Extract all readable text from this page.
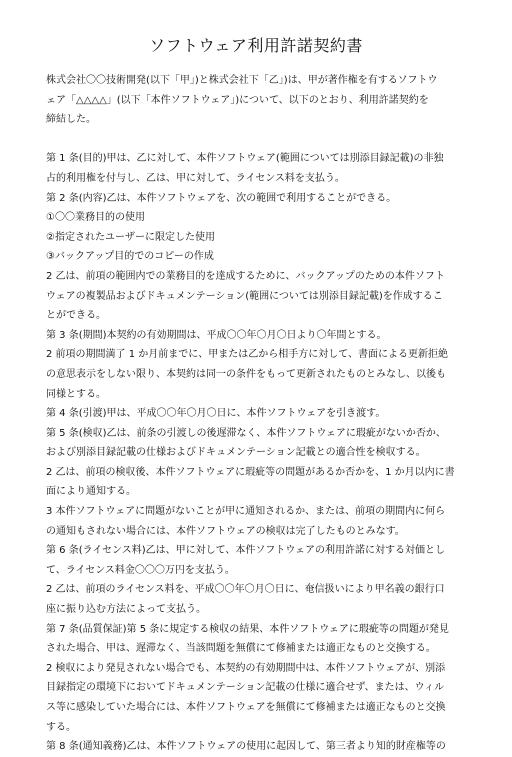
ソフトウェア利用許諾契約書
株式会社〇〇技術開発(以下「甲」)と株式会社下「乙」)は、甲が著作権を有するソフトウ
ェア「△△△△」(以下「本件ソフトウェア」)について、以下のとおり、利用許諾契約を
締結した。
第 1 条(目的)甲は、乙に対して、本件ソフトウェア(範囲については別添目録記載)の非独
占的利用権を付与し、乙は、甲に対して、ライセンス料を支払う。
第 2 条(内容)乙は、本件ソフトウェアを、次の範囲で利用することができる。
①〇〇業務目的の使用
②指定されたユーザーに限定した使用
③バックアップ目的でのコピーの作成
2 乙は、前項の範囲内での業務目的を達成するために、バックアップのための本件ソフト
ウェアの複製品およびドキュメンテーション(範囲については別添目録記載)を作成するこ
とができる。
第 3 条(期間)本契約の有効期間は、平成〇〇年〇月〇日より〇年間とする。
2 前項の期間満了 1 か月前までに、甲または乙から相手方に対して、書面による更新拒絶
の意思表示をしない限り、本契約は同一の条件をもって更新されたものとみなし、以後も
同様とする。
第 4 条(引渡)甲は、平成〇〇年〇月〇日に、本件ソフトウェアを引き渡す。
第 5 条(検収)乙は、前条の引渡しの後遅滞なく、本件ソフトウェアに瑕疵がないか否か、
および別添目録記載の仕様およびドキュメンテーション記載との適合性を検収する。
2 乙は、前項の検収後、本件ソフトウェアに瑕疵等の問題があるか否かを、1 か月以内に書
面により通知する。
3 本件ソフトウェアに問題がないことが甲に通知されるか、または、前項の期間内に何ら
の通知もされない場合には、本件ソフトウェアの検収は完了したものとみなす。
第 6 条(ライセンス料)乙は、甲に対して、本件ソフトウェアの利用許諾に対する対価とし
て、ライセンス料金〇〇〇万円を支払う。
2 乙は、前項のライセンス料を、平成〇〇年〇月〇日に、奄信扱いにより甲名義の銀行口
座に振り込む方法によって支払う。
第 7 条(品質保証)第 5 条に規定する検収の結果、本件ソフトウェアに瑕疵等の問題が発見
された場合、甲は、遅滞なく、当該問題を無償にて修補または適正なものと交換する。
2 検収により発見されない場合でも、本契約の有効期間中は、本件ソフトウェアが、別添
目録指定の環境下においてドキュメンテーション記載の仕様に適合せず、または、ウィル
ス等に感染していた場合には、本件ソフトウェアを無償にて修補または適正なものと交換
する。
第 8 条(通知義務)乙は、本件ソフトウェアの使用に起因して、第三者より知的財産権等の
